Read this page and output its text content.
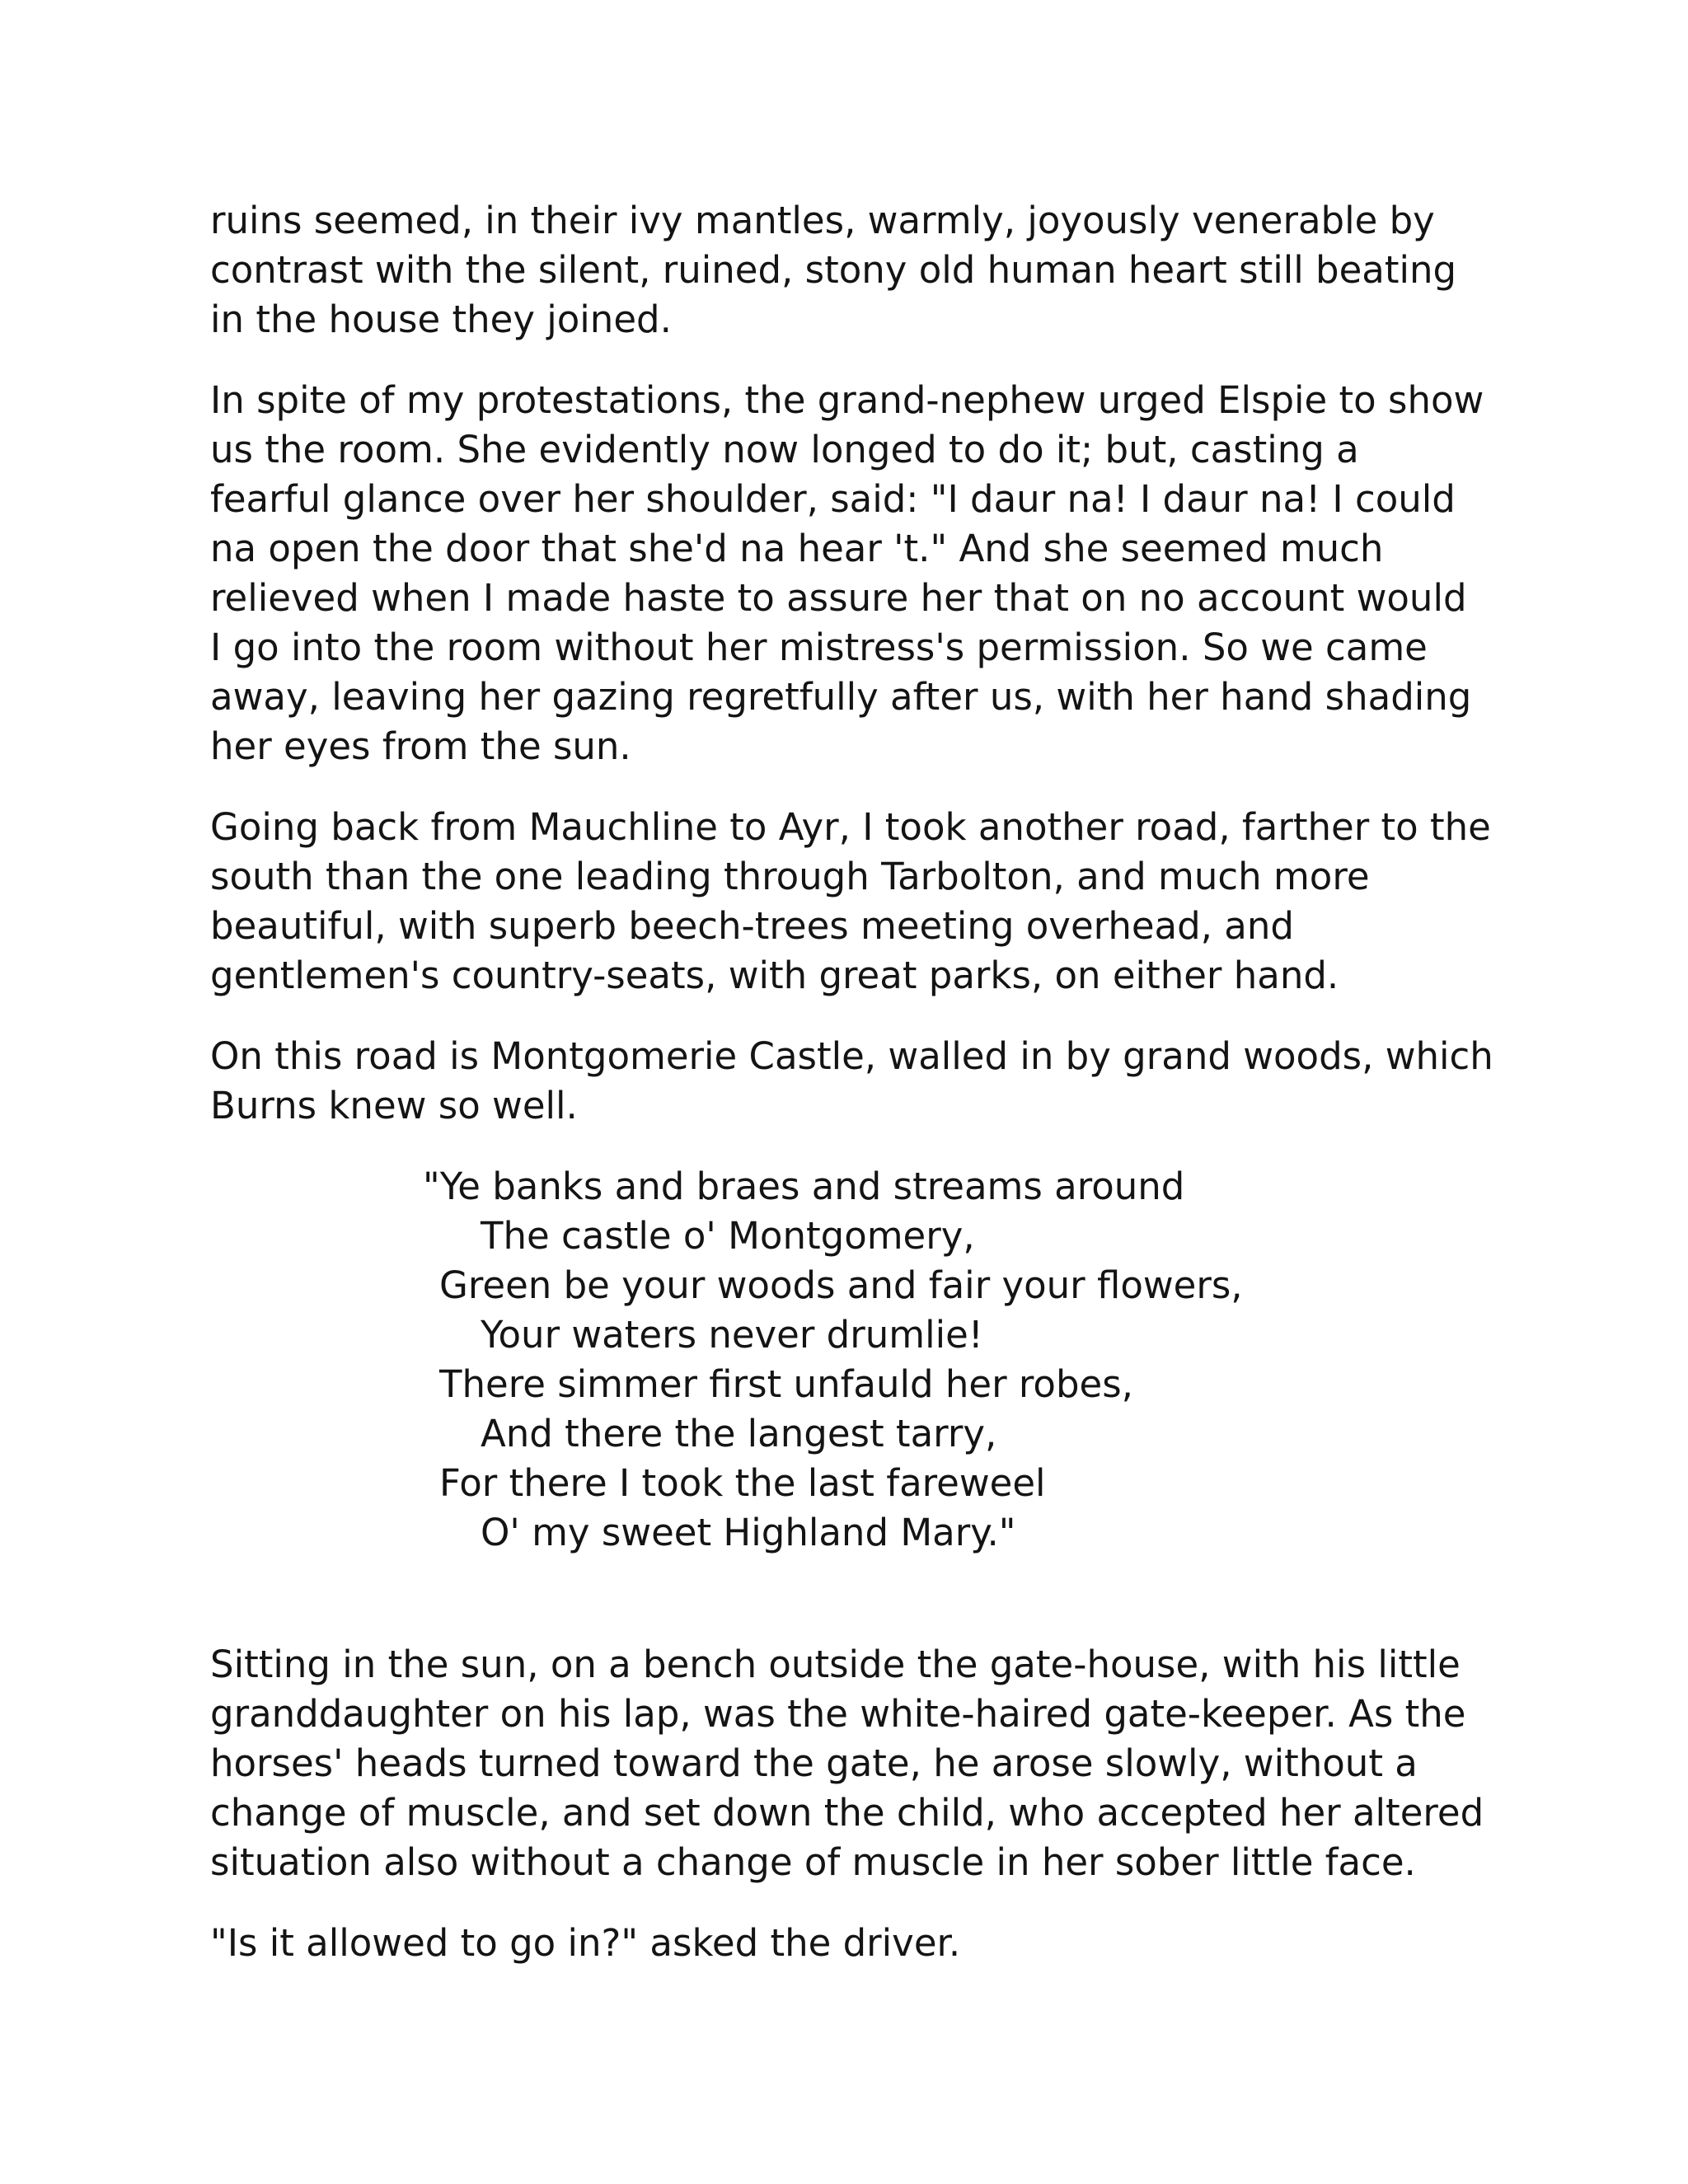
ruins seemed, in their ivy mantles, warmly, joyously venerable by
contrast with the silent, ruined, stony old human heart still beating
in the house they joined.

In spite of my protestations, the grand-nephew urged Elspie to show
us the room. She evidently now longed to do it; but, casting a
fearful glance over her shoulder, said: "I daur na! I daur na! I could
na open the door that she'd na hear 't." And she seemed much
relieved when I made haste to assure her that on no account would
I go into the room without her mistress's permission. So we came
away, leaving her gazing regretfully after us, with her hand shading
her eyes from the sun.

Going back from Mauchline to Ayr, I took another road, farther to the
south than the one leading through Tarbolton, and much more
beautiful, with superb beech-trees meeting overhead, and
gentlemen's country-seats, with great parks, on either hand.

On this road is Montgomerie Castle, walled in by grand woods, which
Burns knew so well.

"Ye banks and braes and streams around
The castle o' Montgomery,
Green be your woods and fair your flowers,
Your waters never drumlie!
There simmer first unfauld her robes,
And there the langest tarry,
For there I took the last fareweel
O' my sweet Highland Mary."

Sitting in the sun, on a bench outside the gate-house, with his little
granddaughter on his lap, was the white-haired gate-keeper. As the
horses' heads turned toward the gate, he arose slowly, without a
change of muscle, and set down the child, who accepted her altered
situation also without a change of muscle in her sober little face.

"Is it allowed to go in?" asked the driver.
